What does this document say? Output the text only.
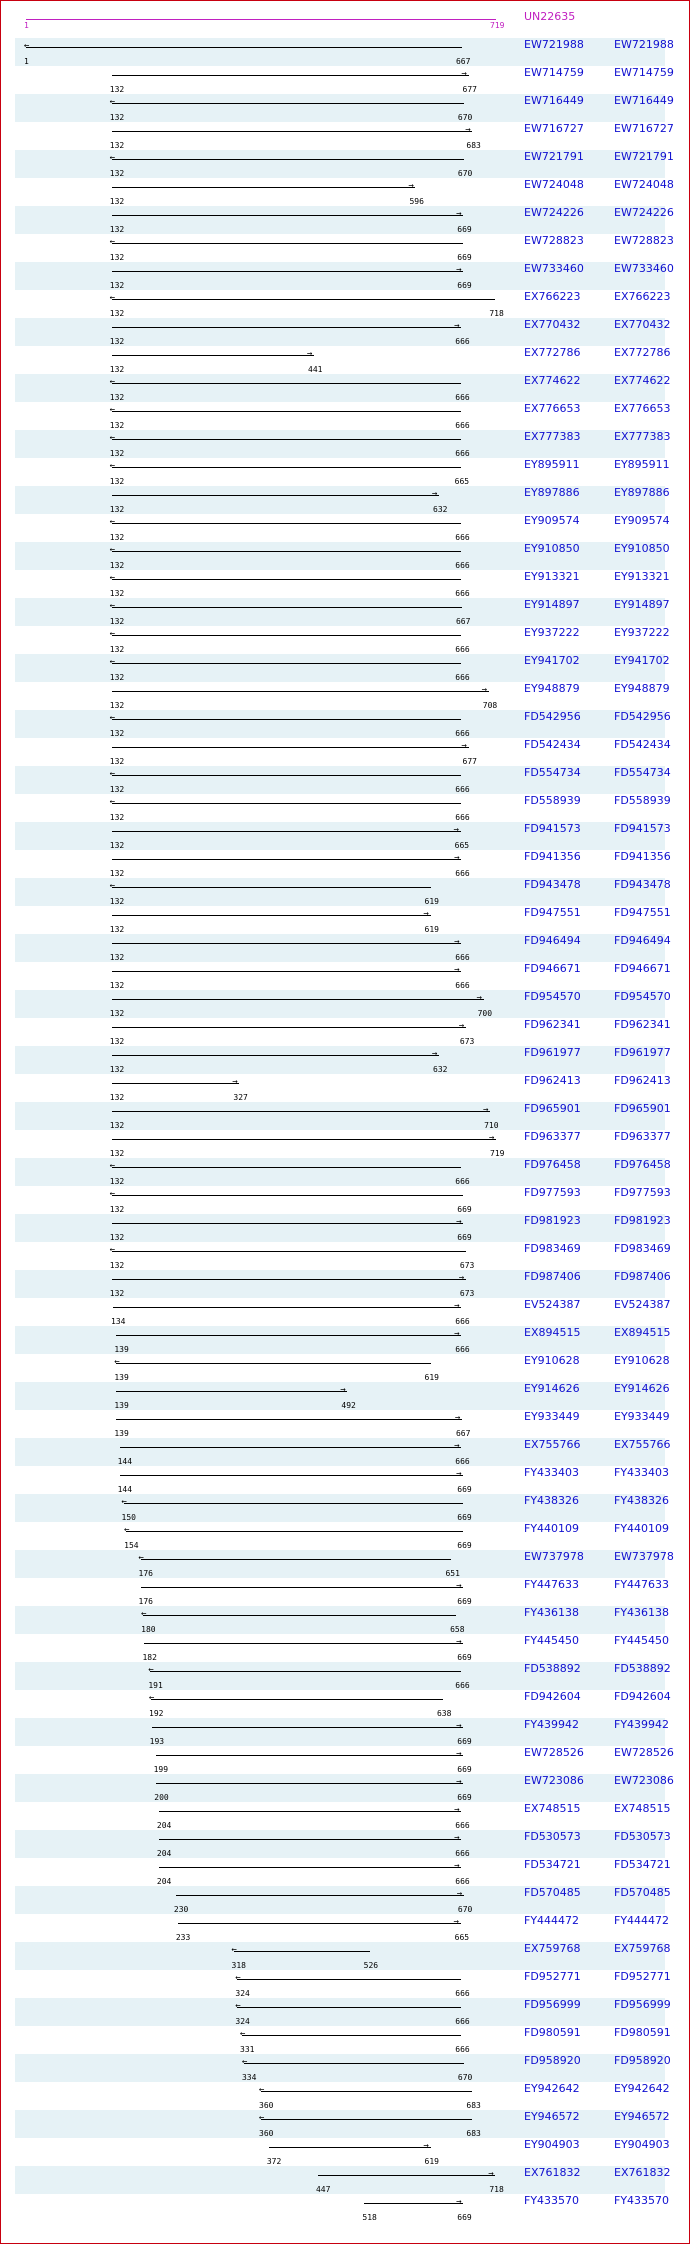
1	719
UN22635
←
1	667
EW721988	EW721988
→
132	677
EW714759	EW714759
←
132	670
EW716449	EW716449
→
132	683
EW716727	EW716727
←
132	670
EW721791	EW721791
→
132	596
EW724048	EW724048
→
132	669
EW724226	EW724226
←
132	669
EW728823	EW728823
→
132	669
EW733460	EW733460
←
132	718
EX766223	EX766223
→
132	666
EX770432	EX770432
→
132	441
EX772786	EX772786
←
132	666
EX774622	EX774622
←
132	666
EX776653	EX776653
←
132	666
EX777383	EX777383
←
132	665
EY895911	EY895911
→
132	632
EY897886	EY897886
←
132	666
EY909574	EY909574
←
132	666
EY910850	EY910850
←
132	666
EY913321	EY913321
←
132	667
EY914897	EY914897
←
132	666
EY937222	EY937222
←
132	666
EY941702	EY941702
→
132	708
EY948879	EY948879
←
132	666
FD542956	FD542956
→
132	677
FD542434	FD542434
←
132	666
FD554734	FD554734
←
132	666
FD558939	FD558939
→
132	665
FD941573	FD941573
→
132	666
FD941356	FD941356
←
132	619
FD943478	FD943478
→
132	619
FD947551	FD947551
→
132	666
FD946494	FD946494
→
132	666
FD946671	FD946671
→
132	700
FD954570	FD954570
→
132	673
FD962341	FD962341
→
132	632
FD961977	FD961977
→
132	327
FD962413	FD962413
→
132	710
FD965901	FD965901
→
132	719
FD963377	FD963377
←
132	666
FD976458	FD976458
←
132	669
FD977593	FD977593
→
132	669
FD981923	FD981923
←
132	673
FD983469	FD983469
→
132	673
FD987406	FD987406
→
134	666
EV524387	EV524387
→
139	666
EX894515	EX894515
←
139	619
EY910628	EY910628
→
139	492
EY914626	EY914626
→
139	667
EY933449	EY933449
→
144	666
EX755766	EX755766
→
144	669
FY433403	FY433403
←
150	669
FY438326	FY438326
←
154	669
FY440109	FY440109
←
176	651
EW737978	EW737978
→
176	669
FY447633	FY447633
←
180	658
FY436138	FY436138
→
182	669
FY445450	FY445450
←
191	666
FD538892	FD538892
←
192	638
FD942604	FD942604
→
193	669
FY439942	FY439942
→
199	669
EW728526	EW728526
→
200	669
EW723086	EW723086
→
204	666
EX748515	EX748515
→
204	666
FD530573	FD530573
→
204	666
FD534721	FD534721
→
230	670
FD570485	FD570485
→
233	665
FY444472	FY444472
←
318	526
EX759768	EX759768
←
324	666
FD952771	FD952771
←
324	666
FD956999	FD956999
←
331	666
FD980591	FD980591
←
334	670
FD958920	FD958920
←
360	683
EY942642	EY942642
←
360	683
EY946572	EY946572
→
372	619
EY904903	EY904903
→
447	718
EX761832	EX761832
→
518	669
FY433570	FY433570
